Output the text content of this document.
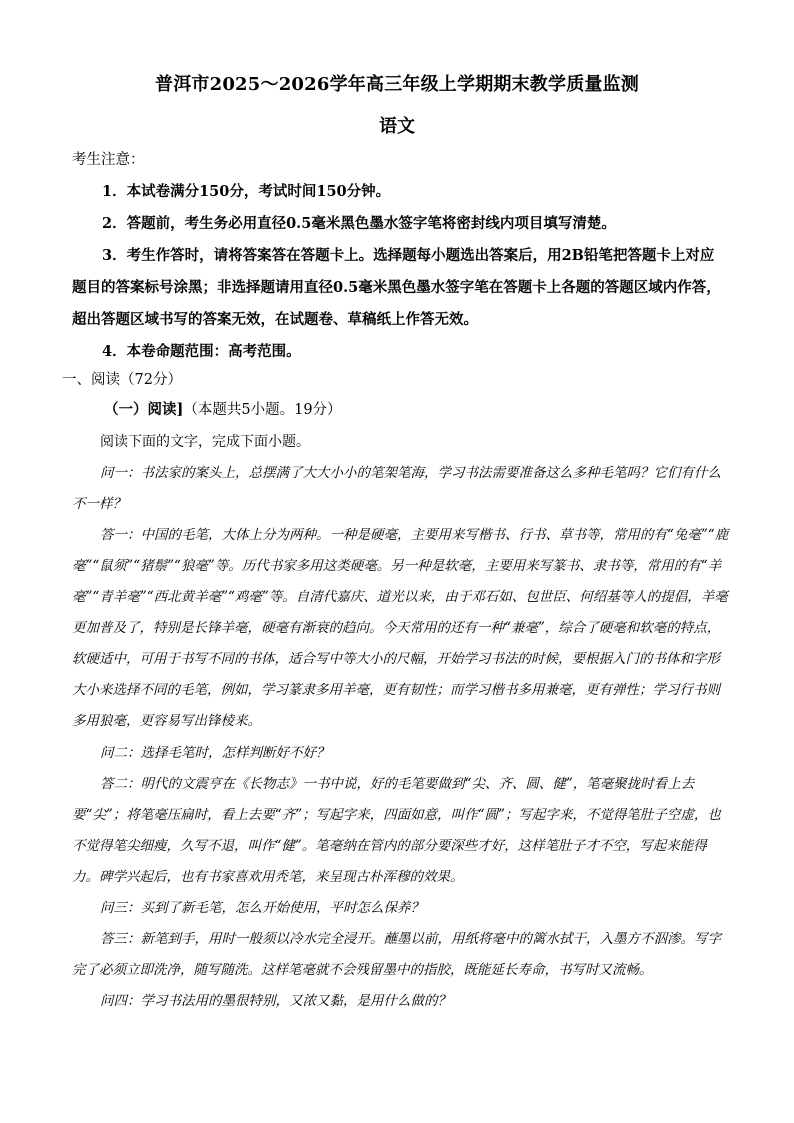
普洱市2025～2026学年高三年级上学期期末教学质量监测
语文
考生注意：
1．本试卷满分150分，考试时间150分钟。
2．答题前，考生务必用直径0.5毫米黑色墨水签字笔将密封线内项目填写清楚。
3．考生作答时，请将答案答在答题卡上。选择题每小题选出答案后，用2B铅笔把答题卡上对应题目的答案标号涂黑；非选择题请用直径0.5毫米黑色墨水签字笔在答题卡上各题的答题区域内作答，超出答题区域书写的答案无效，在试题卷、草稿纸上作答无效。
4．本卷命题范围：高考范围。
一、阅读（72分）
（一）阅读]（本题共5小题。19分）
阅读下面的文字，完成下面小题。
问一：书法家的案头上，总摆满了大大小小的笔架笔海，学习书法需要准备这么多种毛笔吗？它们有什么不一样？
答一：中国的毛笔，大体上分为两种。一种是硬毫，主要用来写楷书、行书、草书等，常用的有“兔毫”“鹿毫”“鼠须”“猪鬃”“狼毫”等。历代书家多用这类硬毫。另一种是软毫，主要用来写篆书、隶书等，常用的有“羊毫”“青羊毫”“西北黄羊毫”“鸡毫”等。自清代嘉庆、道光以来，由于邓石如、包世臣、何绍基等人的提倡，羊毫更加普及了，特别是长锋羊毫，硬毫有渐衰的趋向。今天常用的还有一种“兼毫”，综合了硬毫和软毫的特点，软硬适中，可用于书写不同的书体，适合写中等大小的尺幅，开始学习书法的时候，要根据入门的书体和字形大小来选择不同的毛笔，例如，学习篆隶多用羊毫，更有韧性；而学习楷书多用兼毫，更有弹性；学习行书则多用狼毫，更容易写出锋棱来。
问二：选择毛笔时，怎样判断好不好？
答二：明代的文震亨在《长物志》一书中说，好的毛笔要做到“尖、齐、圆、健”，笔毫聚拢时看上去要“尖”；将笔毫压扁时，看上去要“齐”；写起字来，四面如意，叫作“圆”；写起字来，不觉得笔肚子空虚，也不觉得笔尖细瘦，久写不退，叫作“健”。笔毫纳在管内的部分要深些才好，这样笔肚子才不空，写起来能得力。碑学兴起后，也有书家喜欢用秃笔，来呈现古朴浑穆的效果。
问三：买到了新毛笔，怎么开始使用，平时怎么保养？
答三：新笔到手，用时一般须以冷水完全浸开。蘸墨以前，用纸将毫中的篱水拭干，入墨方不泅渗。写字完了必须立即洗净，随写随洗。这样笔毫就不会残留墨中的指胶，既能延长寿命，书写时又流畅。
问四：学习书法用的墨很特别，又浓又黏，是用什么做的？
